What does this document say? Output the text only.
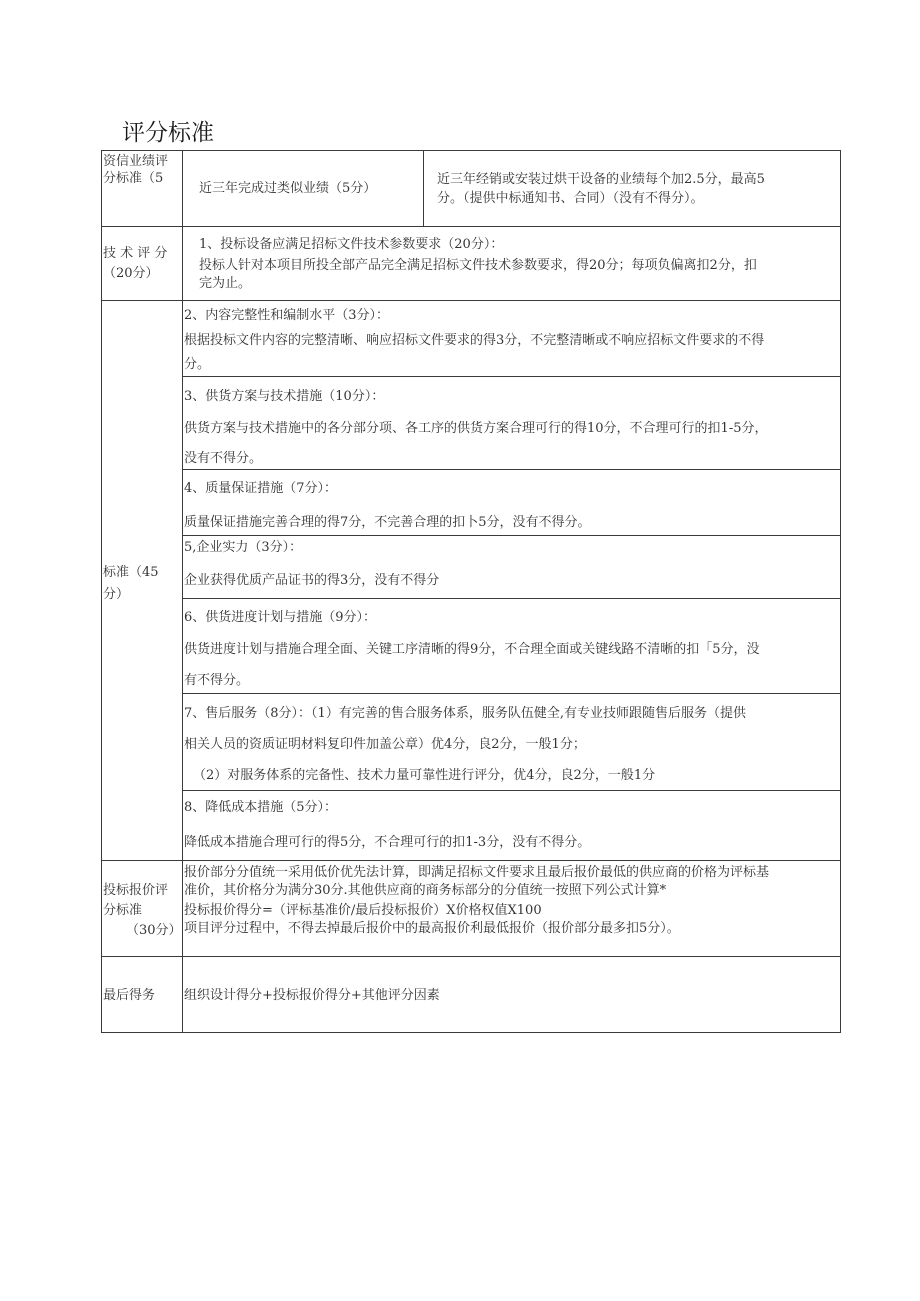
评分标准
资信业绩评
分标准（5
近三年完成过类似业绩（5分）
近三年经销或安装过烘干设备的业绩每个加2.5分，最高5
分。（提供中标通知书、合同）（没有不得分）。
技 术 评 分
（20分）
1、投标设备应满足招标文件技术参数要求（20分）：
投标人针对本项目所投全部产品完全满足招标文件技术参数要求，得20分；每项负偏离扣2分，扣
完为止。
标准（45
分）
2、内容完整性和编制水平（3分）：
根据投标文件内容的完整清晰、响应招标文件要求的得3分，不完整清晰或不响应招标文件要求的不得
分。
3、供货方案与技术措施（10分）：
供货方案与技术措施中的各分部分项、各工序的供货方案合理可行的得10分，不合理可行的扣1-5分，
没有不得分。
4、质量保证措施（7分）：
质量保证措施完善合理的得7分，不完善合理的扣卜5分，没有不得分。
5,企业实力（3分）：
企业获得优质产品证书的得3分，没有不得分
6、供货进度计划与措施（9分）：
供货进度计划与措施合理全面、关键工序清晰的得9分，不合理全面或关键线路不清晰的扣「5分，没
有不得分。
7、售后服务（8分）：（1）有完善的售合服务体系，服务队伍健全,有专业技师跟随售后服务（提供
相关人员的资质证明材料复印件加盖公章）优4分，良2分，一般1分；
（2）对服务体系的完备性、技术力量可靠性进行评分，优4分，良2分，一般1分
8、降低成本措施（5分）：
降低成本措施合理可行的得5分，不合理可行的扣1-3分，没有不得分。
投标报价评
分标准
（30分）
报价部分分值统一采用低价优先法计算，即满足招标文件要求且最后报价最低的供应商的价格为评标基
准价，其价格分为满分30分.其他供应商的商务标部分的分值统一按照下列公式计算*
投标报价得分=（评标基准价/最后投标报价）X价格权值X100
项目评分过程中，不得去掉最后报价中的最高报价利最低报价（报价部分最多扣5分）。
最后得务 组织设计得分+投标报价得分+其他评分因素
